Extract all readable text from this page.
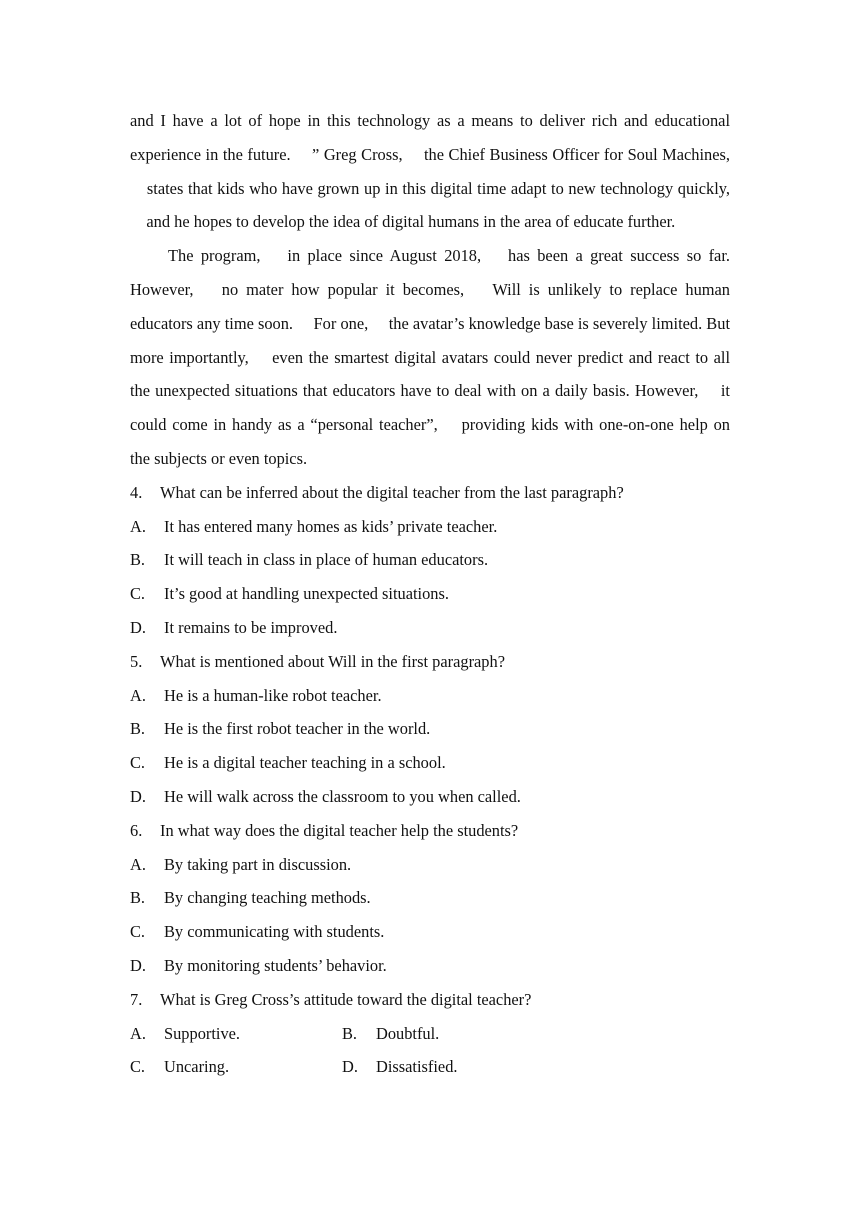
and I have a lot of hope in this technology as a means to deliver rich and educational experience in the future. 　” Greg Cross, 　the Chief Business Officer for Soul Machines, 　states that kids who have grown up in this digital time adapt to new technology quickly, 　and he hopes to develop the idea of digital humans in the area of educate further.

The program, 　in place since August 2018, 　has been a great success so far. However, 　no mater how popular it becomes, 　Will is unlikely to replace human educators any time soon. 　For one, 　the avatar’s knowledge base is severely limited. But more importantly, 　even the smartest digital avatars could never predict and react to all the unexpected situations that educators have to deal with on a daily basis. However, 　it could come in handy as a “personal teacher”, 　providing kids with one-on-one help on the subjects or even topics.

4. What can be inferred about the digital teacher from the last paragraph?
A. It has entered many homes as kids’ private teacher.
B. It will teach in class in place of human educators.
C. It’s good at handling unexpected situations.
D. It remains to be improved.
5. What is mentioned about Will in the first paragraph?
A. He is a human-like robot teacher.
B. He is the first robot teacher in the world.
C. He is a digital teacher teaching in a school.
D. He will walk across the classroom to you when called.
6. In what way does the digital teacher help the students?
A. By taking part in discussion.
B. By changing teaching methods.
C. By communicating with students.
D. By monitoring students’ behavior.
7. What is Greg Cross’s attitude toward the digital teacher?
A. Supportive.	B. Doubtful.
C. Uncaring.	D. Dissatisfied.
